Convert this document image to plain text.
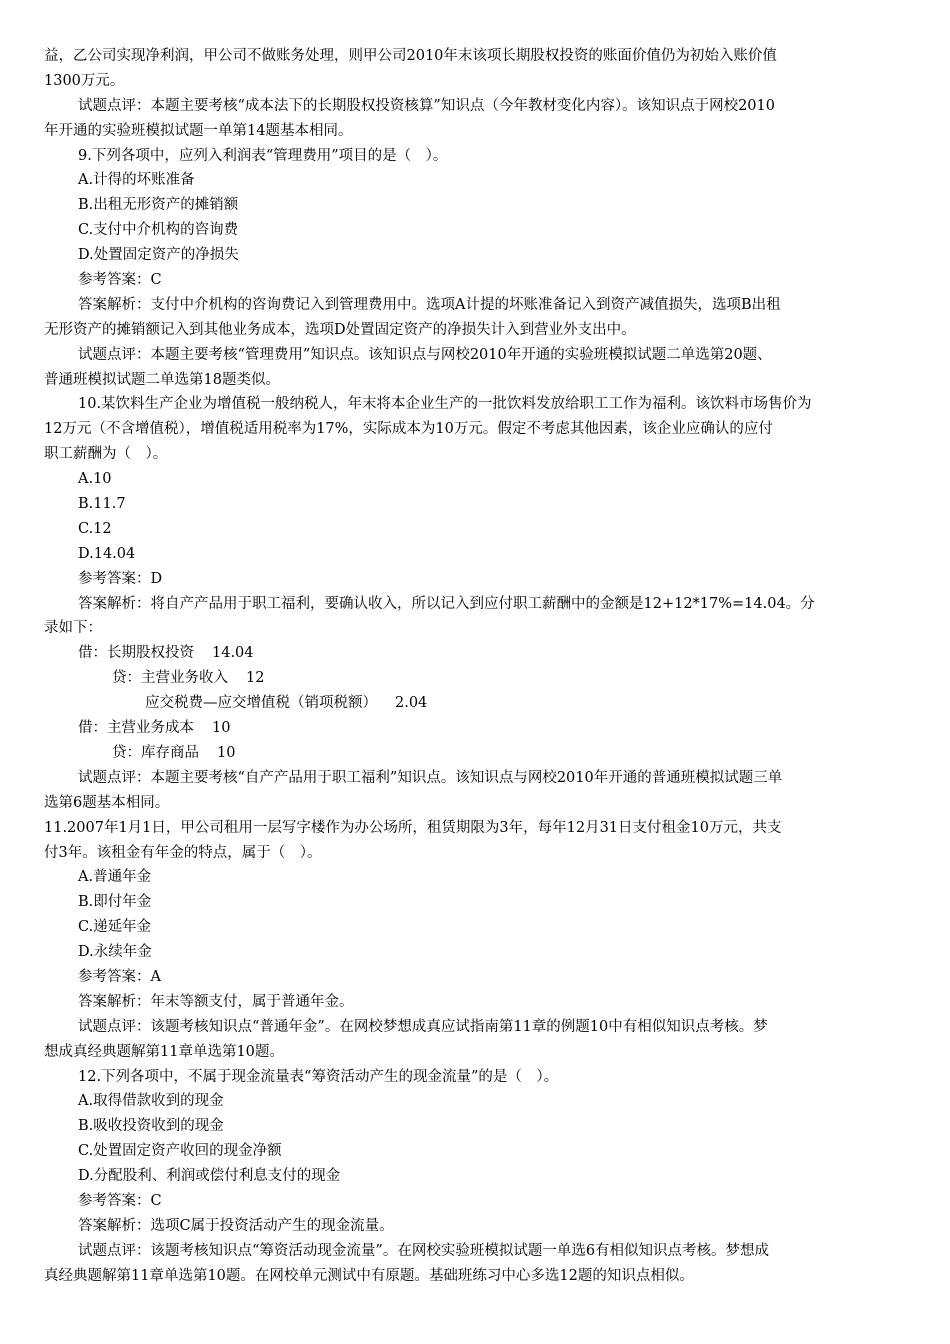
益，乙公司实现净利润，甲公司不做账务处理，则甲公司2010年末该项长期股权投资的账面价值仍为初始入账价值
1300万元。
试题点评：本题主要考核“成本法下的长期股权投资核算”知识点（今年教材变化内容）。该知识点于网校2010
年开通的实验班模拟试题一单第14题基本相同。
9.下列各项中，应列入利润表“管理费用”项目的是（　）。
A.计得的坏账准备
B.出租无形资产的摊销额
C.支付中介机构的咨询费
D.处置固定资产的净损失
参考答案：C
答案解析：支付中介机构的咨询费记入到管理费用中。选项A计提的坏账准备记入到资产减值损失，选项B出租
无形资产的摊销额记入到其他业务成本，选项D处置固定资产的净损失计入到营业外支出中。
试题点评：本题主要考核“管理费用”知识点。该知识点与网校2010年开通的实验班模拟试题二单选第20题、
普通班模拟试题二单选第18题类似。
10.某饮料生产企业为增值税一般纳税人，年末将本企业生产的一批饮料发放给职工工作为福利。该饮料市场售价为
12万元（不含增值税），增值税适用税率为17%，实际成本为10万元。假定不考虑其他因素，该企业应确认的应付
职工薪酬为（　）。
A.10
B.11.7
C.12
D.14.04
参考答案：D
答案解析：将自产产品用于职工福利，要确认收入，所以记入到应付职工薪酬中的金额是12+12*17%=14.04。分
录如下：
借：长期股权投资 14.04
贷：主营业务收入 12
应交税费—应交增值税（销项税额） 2.04
借：主营业务成本 10
贷：库存商品 10
试题点评：本题主要考核“自产产品用于职工福利”知识点。该知识点与网校2010年开通的普通班模拟试题三单
选第6题基本相同。
11.2007年1月1日，甲公司租用一层写字楼作为办公场所，租赁期限为3年，每年12月31日支付租金10万元，共支
付3年。该租金有年金的特点，属于（　）。
A.普通年金
B.即付年金
C.递延年金
D.永续年金
参考答案：A
答案解析：年末等额支付，属于普通年金。
试题点评：该题考核知识点“普通年金”。在网校梦想成真应试指南第11章的例题10中有相似知识点考核。梦
想成真经典题解第11章单选第10题。
12.下列各项中，不属于现金流量表“筹资活动产生的现金流量”的是（　）。
A.取得借款收到的现金
B.吸收投资收到的现金
C.处置固定资产收回的现金净额
D.分配股利、利润或偿付利息支付的现金
参考答案：C
答案解析：选项C属于投资活动产生的现金流量。
试题点评：该题考核知识点“筹资活动现金流量”。在网校实验班模拟试题一单选6有相似知识点考核。梦想成
真经典题解第11章单选第10题。在网校单元测试中有原题。基础班练习中心多选12题的知识点相似。
